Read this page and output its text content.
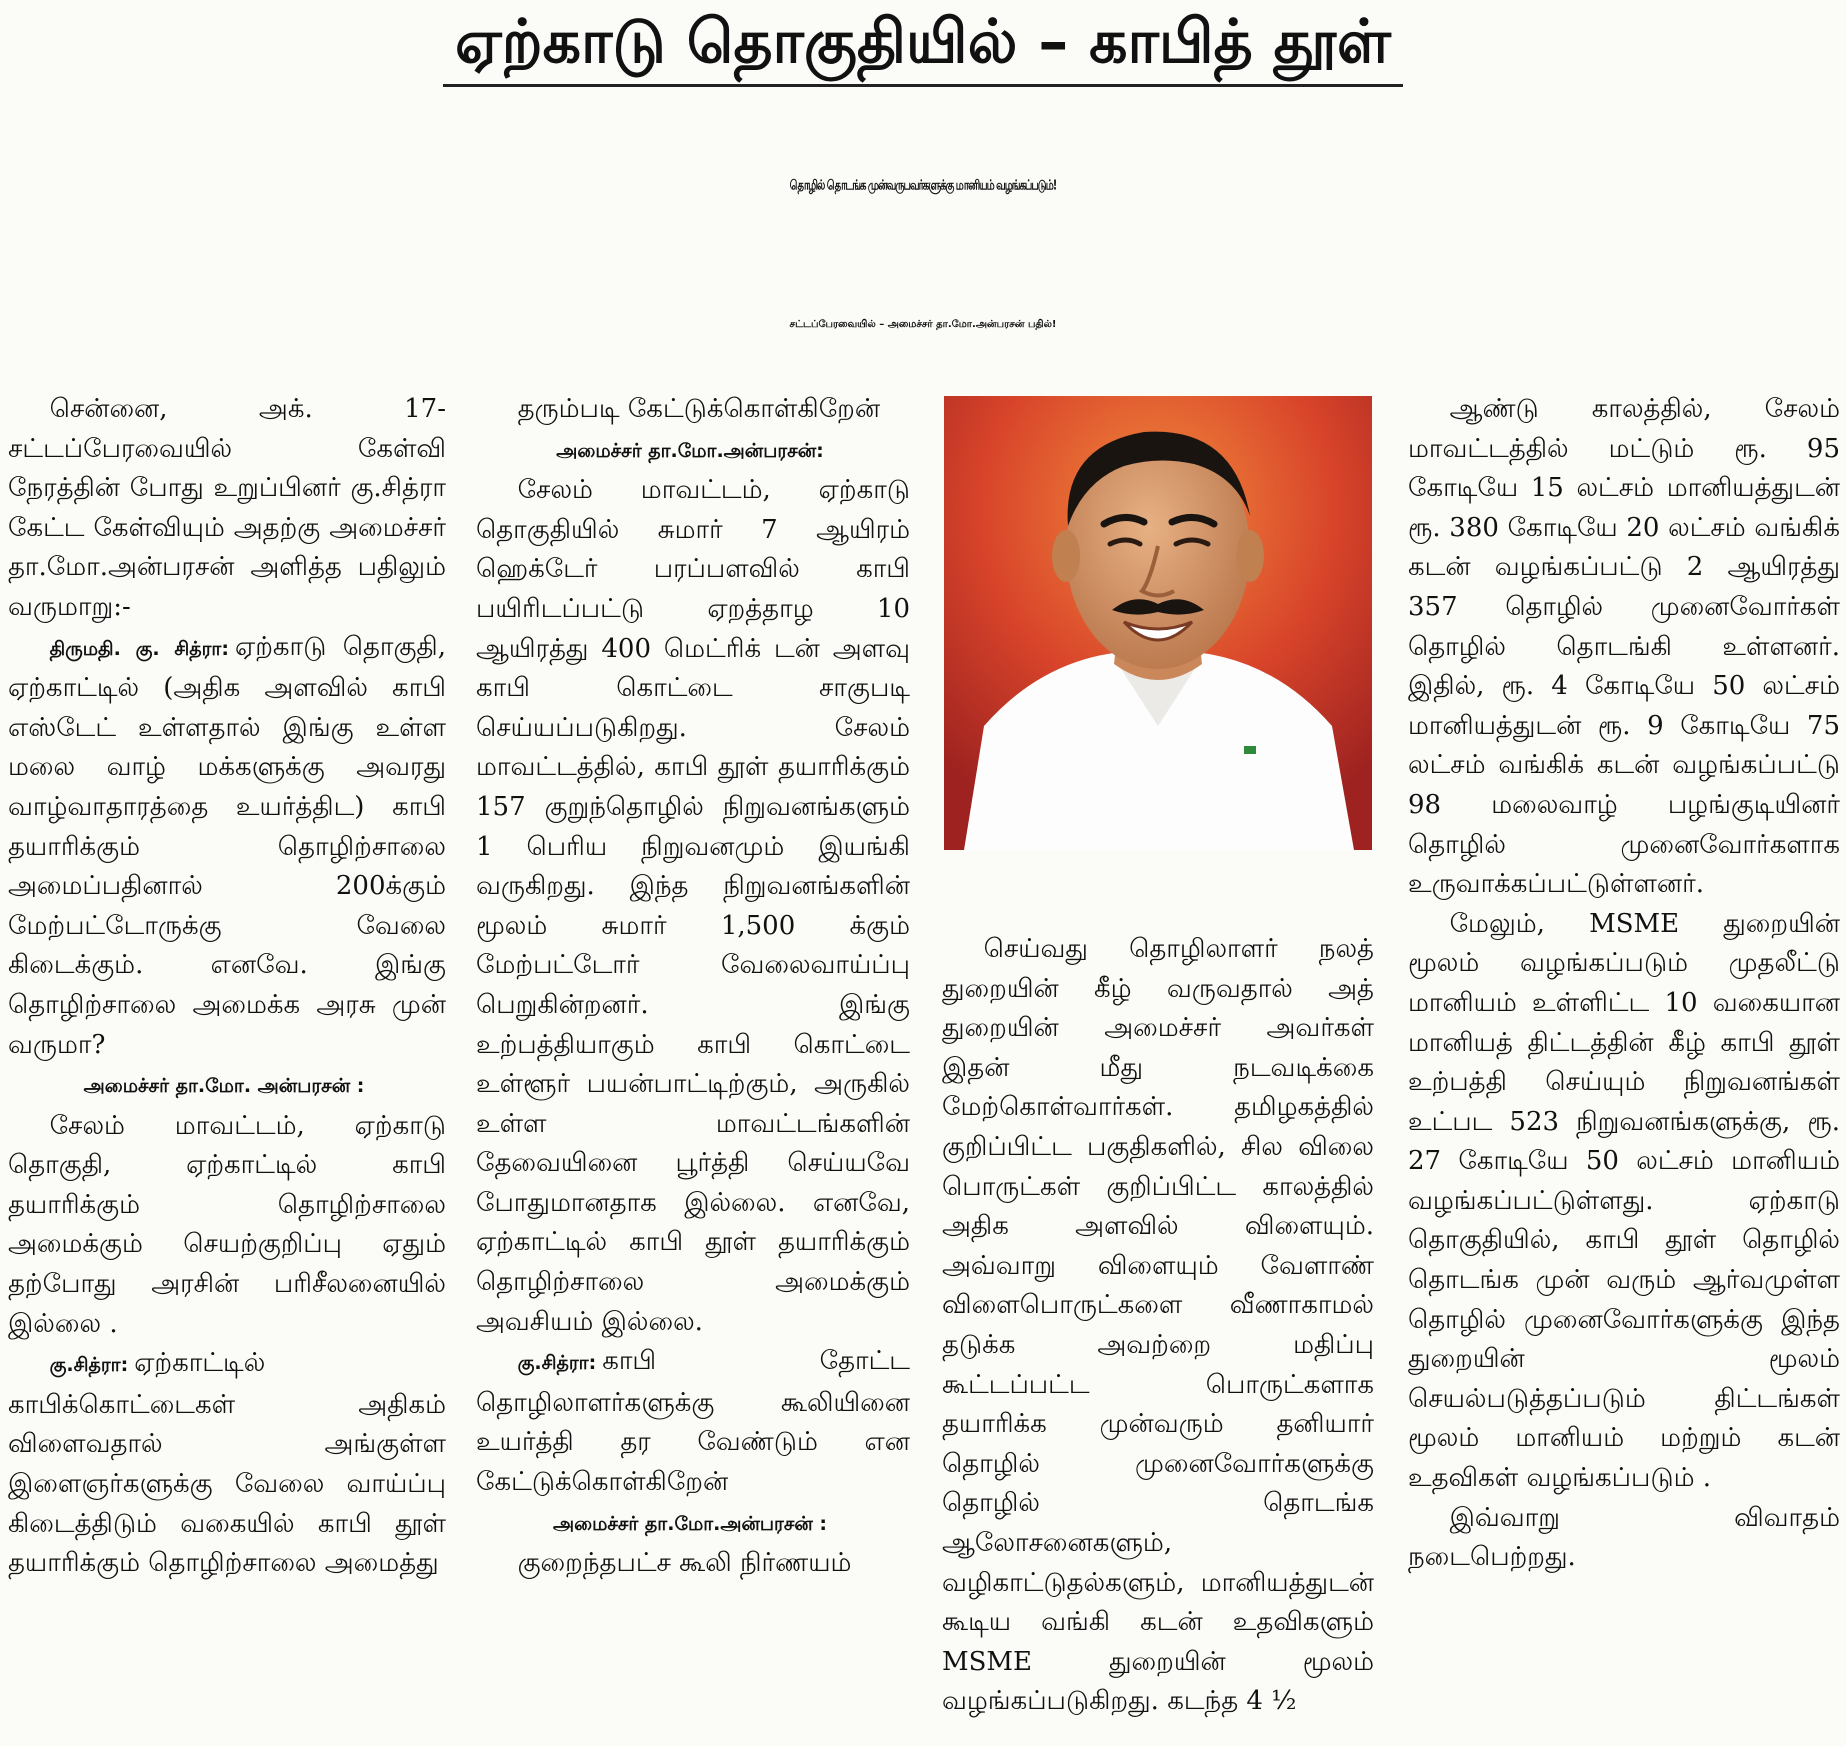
ஏற்காடு தொகுதியில் – காபித் தூள்
தொழில் தொடங்க முன்வருபவர்களுக்கு மானியம் வழங்கப்படும்!
சட்டப்பேரவையில் – அமைச்சர் தா.மோ.அன்பரசன் பதில்!

சென்னை, அக். 17- சட்டப்பேரவையில் கேள்வி நேரத்தின் போது உறுப்பினர் கு.சித்ரா கேட்ட கேள்வியும் அதற்கு அமைச்சர் தா.மோ.அன்பரசன் அளித்த பதிலும் வருமாறு:-

திருமதி. கு. சித்ரா: ஏற்காடு தொகுதி, ஏற்காட்டில் (அதிக அளவில் காபி எஸ்டேட் உள்ளதால் இங்கு உள்ள மலை வாழ் மக்களுக்கு அவரது வாழ்வாதாரத்தை உயர்த்திட) காபி தயாரிக்கும் தொழிற்சாலை அமைப்பதினால் 200க்கும் மேற்பட்டோருக்கு வேலை கிடைக்கும். எனவே. இங்கு தொழிற்சாலை அமைக்க அரசு முன் வருமா?

அமைச்சர் தா.மோ. அன்பரசன் :

சேலம் மாவட்டம், ஏற்காடு தொகுதி, ஏற்காட்டில் காபி தயாரிக்கும் தொழிற்சாலை அமைக்கும் செயற்குறிப்பு ஏதும் தற்போது அரசின் பரிசீலனையில் இல்லை .

கு.சித்ரா: ஏற்காட்டில் காபிக்கொட்டைகள் அதிகம் விளைவதால் அங்குள்ள இளைஞர்களுக்கு வேலை வாய்ப்பு கிடைத்திடும் வகையில் காபி தூள் தயாரிக்கும் தொழிற்சாலை அமைத்து

தரும்படி கேட்டுக்கொள்கிறேன்

அமைச்சர் தா.மோ.அன்பரசன்:

சேலம் மாவட்டம், ஏற்காடு தொகுதியில் சுமார் 7 ஆயிரம் ஹெக்டேர் பரப்பளவில் காபி பயிரிடப்பட்டு ஏறத்தாழ 10 ஆயிரத்து 400 மெட்ரிக் டன் அளவு காபி கொட்டை சாகுபடி செய்யப்படுகிறது. சேலம் மாவட்டத்தில், காபி தூள் தயாரிக்கும் 157 குறுந்தொழில் நிறுவனங்களும் 1 பெரிய நிறுவனமும் இயங்கி வருகிறது. இந்த நிறுவனங்களின் மூலம் சுமார் 1,500 க்கும் மேற்பட்டோர் வேலைவாய்ப்பு பெறுகின்றனர். இங்கு உற்பத்தியாகும் காபி கொட்டை உள்ளூர் பயன்பாட்டிற்கும், அருகில் உள்ள மாவட்டங்களின் தேவையினை பூர்த்தி செய்யவே போதுமானதாக இல்லை. எனவே, ஏற்காட்டில் காபி தூள் தயாரிக்கும் தொழிற்சாலை அமைக்கும் அவசியம் இல்லை.

கு.சித்ரா: காபி தோட்ட தொழிலாளர்களுக்கு கூலியினை உயர்த்தி தர வேண்டும் என கேட்டுக்கொள்கிறேன்

அமைச்சர் தா.மோ.அன்பரசன் :

குறைந்தபட்ச கூலி நிர்ணயம்

செய்வது தொழிலாளர் நலத் துறையின் கீழ் வருவதால் அத் துறையின் அமைச்சர் அவர்கள் இதன் மீது நடவடிக்கை மேற்கொள்வார்கள். தமிழகத்தில் குறிப்பிட்ட பகுதிகளில், சில விலை பொருட்கள் குறிப்பிட்ட காலத்தில் அதிக அளவில் விளையும். அவ்வாறு விளையும் வேளாண் விளைபொருட்களை வீணாகாமல் தடுக்க அவற்றை மதிப்பு கூட்டப்பட்ட பொருட்களாக தயாரிக்க முன்வரும் தனியார் தொழில் முனைவோர்களுக்கு தொழில் தொடங்க ஆலோசனைகளும், வழிகாட்டுதல்களும், மானியத்துடன் கூடிய வங்கி கடன் உதவிகளும் MSME துறையின் மூலம் வழங்கப்படுகிறது. கடந்த 4 ½

ஆண்டு காலத்தில், சேலம் மாவட்டத்தில் மட்டும் ரூ. 95 கோடியே 15 லட்சம் மானியத்துடன் ரூ. 380 கோடியே 20 லட்சம் வங்கிக் கடன் வழங்கப்பட்டு 2 ஆயிரத்து 357 தொழில் முனைவோர்கள் தொழில் தொடங்கி உள்ளனர். இதில், ரூ. 4 கோடியே 50 லட்சம் மானியத்துடன் ரூ. 9 கோடியே 75 லட்சம் வங்கிக் கடன் வழங்கப்பட்டு 98 மலைவாழ் பழங்குடியினர் தொழில் முனைவோர்களாக உருவாக்கப்பட்டுள்ளனர்.

மேலும், MSME துறையின் மூலம் வழங்கப்படும் முதலீட்டு மானியம் உள்ளிட்ட 10 வகையான மானியத் திட்டத்தின் கீழ் காபி தூள் உற்பத்தி செய்யும் நிறுவனங்கள் உட்பட 523 நிறுவனங்களுக்கு, ரூ. 27 கோடியே 50 லட்சம் மானியம் வழங்கப்பட்டுள்ளது. ஏற்காடு தொகுதியில், காபி தூள் தொழில் தொடங்க முன் வரும் ஆர்வமுள்ள தொழில் முனைவோர்களுக்கு இந்த துறையின் மூலம் செயல்படுத்தப்படும் திட்டங்கள் மூலம் மானியம் மற்றும் கடன் உதவிகள் வழங்கப்படும் .

இவ்வாறு விவாதம் நடைபெற்றது.
